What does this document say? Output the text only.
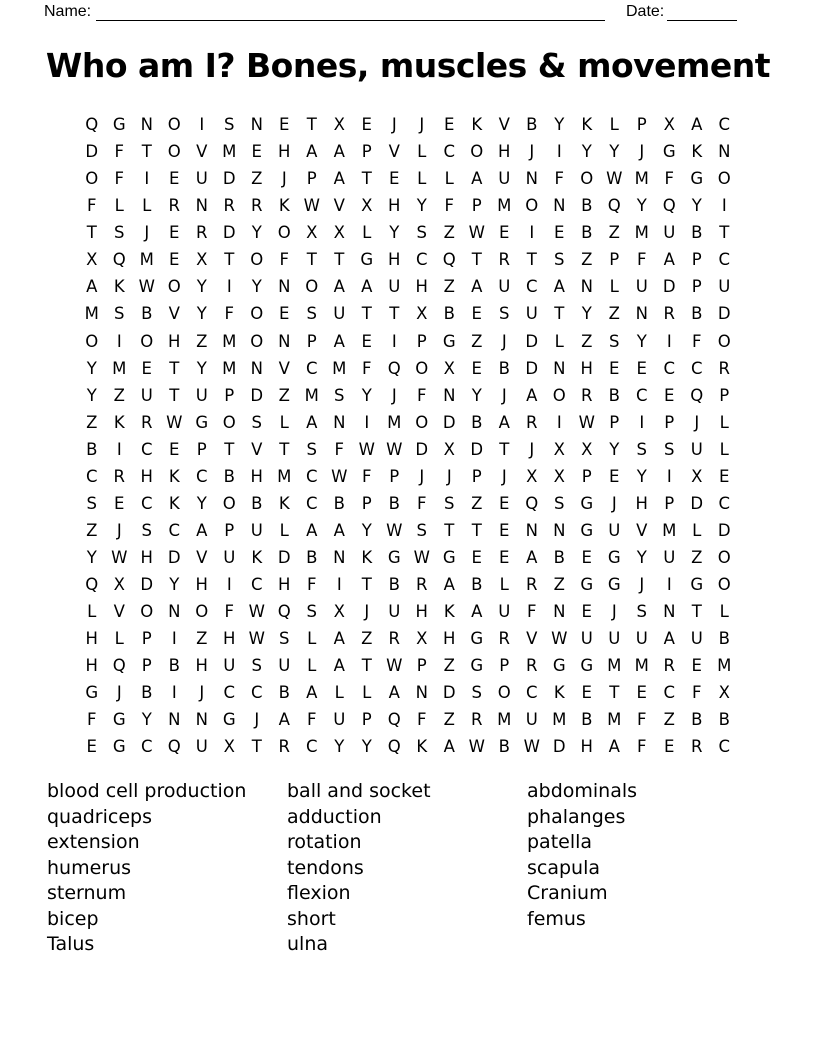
Name:	Date:
Who am I? Bones, muscles & movement
Q G N O	I	S N E	T	X	E	J	J	E	K V B	Y	K	L	P	X A C
D F	T O V M E H A A	P	V	L	C O H	J	I	Y	Y	J	G K N
O F	I	E U D Z	J	P	A	T	E	L	L	A U N	F O W M F G O
F	L	L	R N R R K W V X H Y	F	P M O N B Q Y Q Y	I
T	S	J	E	R D Y O X X	L	Y	S	Z W E	I	E	B Z M U B	T
X Q M E	X	T O F	T	T G H C Q T	R	T	S	Z	P	F	A	P	C
A K W O Y	I	Y N O A A U H Z A U C A N	L	U D P U
M S	B V	Y	F O E	S U T	T	X B	E	S U T	Y	Z N R B D
O	I	O H Z M O N P	A	E	I	P G Z	J	D	L	Z	S	Y	I	F O
Y M E	T	Y M N V C M F Q O X	E	B D N H E	E	C C R
Y	Z U T U P D Z M S	Y	J	F	N Y	J	A O R B C	E Q P
Z K R W G O S	L	A N	I	M O D B A R	I	W P	I	P	J	L
B	I	C	E	P	T	V	T	S	F W W D X D T	J	X X	Y	S	S U	L
C R H K C B H M C W F	P	J	J	P	J	X X	P	E	Y	I	X	E
S	E	C K	Y O B K C B	P	B	F	S	Z	E Q S G	J	H P D C
Z	J	S	C A	P U	L	A A	Y W S	T	T	E N N G U V M L	D
Y W H D V U K D B N K G W G E	E	A B	E G Y U Z O
Q X D Y H	I	C H	F	I	T	B R A B	L	R Z G G	J	I	G O
L	V O N O F W Q S	X	J	U H K A U	F	N E	J	S N T	L
H	L	P	I	Z H W S	L	A Z R X H G R V W U U U A U B
H Q P	B H U S U	L	A	T W P	Z G P	R G G M M R	E M
G	J	B	I	J	C C B A	L	L	A N D S O C K	E	T	E	C	F	X
F G Y N N G	J	A	F	U P Q F	Z R M U M B M F	Z B B
E G C Q U X	T	R C	Y	Y Q K A W B W D H A	F	E	R C
blood cell production
quadriceps
extension
humerus
sternum
bicep
Talus
ball and socket
adduction
rotation
tendons
flexion
short
ulna
abdominals
phalanges
patella
scapula
Cranium
femus
